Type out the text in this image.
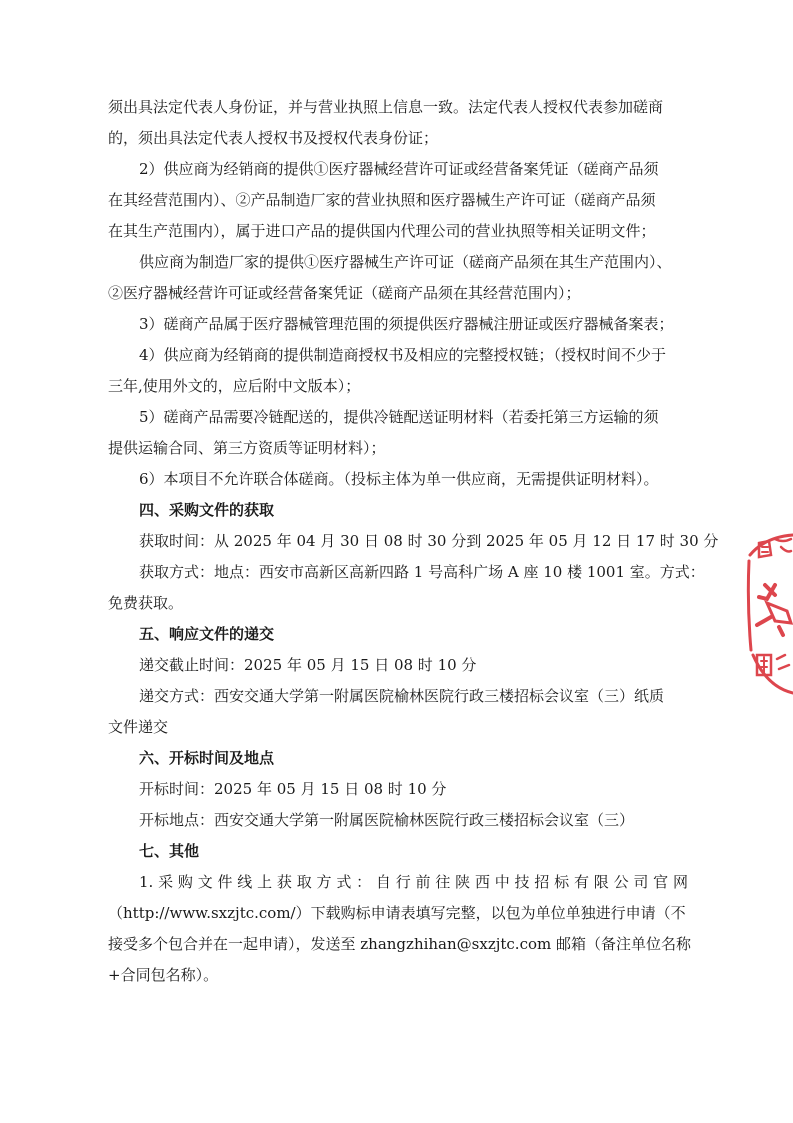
须出具法定代表人身份证，并与营业执照上信息一致。法定代表人授权代表参加磋商
的，须出具法定代表人授权书及授权代表身份证；
2）供应商为经销商的提供①医疗器械经营许可证或经营备案凭证（磋商产品须
在其经营范围内）、②产品制造厂家的营业执照和医疗器械生产许可证（磋商产品须
在其生产范围内），属于进口产品的提供国内代理公司的营业执照等相关证明文件；
供应商为制造厂家的提供①医疗器械生产许可证（磋商产品须在其生产范围内）、
②医疗器械经营许可证或经营备案凭证（磋商产品须在其经营范围内）；
3）磋商产品属于医疗器械管理范围的须提供医疗器械注册证或医疗器械备案表；
4）供应商为经销商的提供制造商授权书及相应的完整授权链；（授权时间不少于
三年,使用外文的，应后附中文版本）；
5）磋商产品需要冷链配送的，提供冷链配送证明材料（若委托第三方运输的须
提供运输合同、第三方资质等证明材料）；
6）本项目不允许联合体磋商。（投标主体为单一供应商，无需提供证明材料）。
四、采购文件的获取
获取时间：从 2025 年 04 月 30 日 08 时 30 分到 2025 年 05 月 12 日 17 时 30 分
获取方式：地点：西安市高新区高新四路 1 号高科广场 A 座 10 楼 1001 室。方式：
免费获取。
五、响应文件的递交
递交截止时间：2025 年 05 月 15 日 08 时 10 分
递交方式：西安交通大学第一附属医院榆林医院行政三楼招标会议室（三）纸质
文件递交
六、开标时间及地点
开标时间：2025 年 05 月 15 日 08 时 10 分
开标地点：西安交通大学第一附属医院榆林医院行政三楼招标会议室（三）
七、其他
1. 采 购 文 件 线 上 获 取 方 式 ： 自 行 前 往 陕 西 中 技 招 标 有 限 公 司 官 网
（http://www.sxzjtc.com/）下载购标申请表填写完整，以包为单位单独进行申请（不
接受多个包合并在一起申请），发送至 zhangzhihan@sxzjtc.com 邮箱（备注单位名称
+合同包名称）。
